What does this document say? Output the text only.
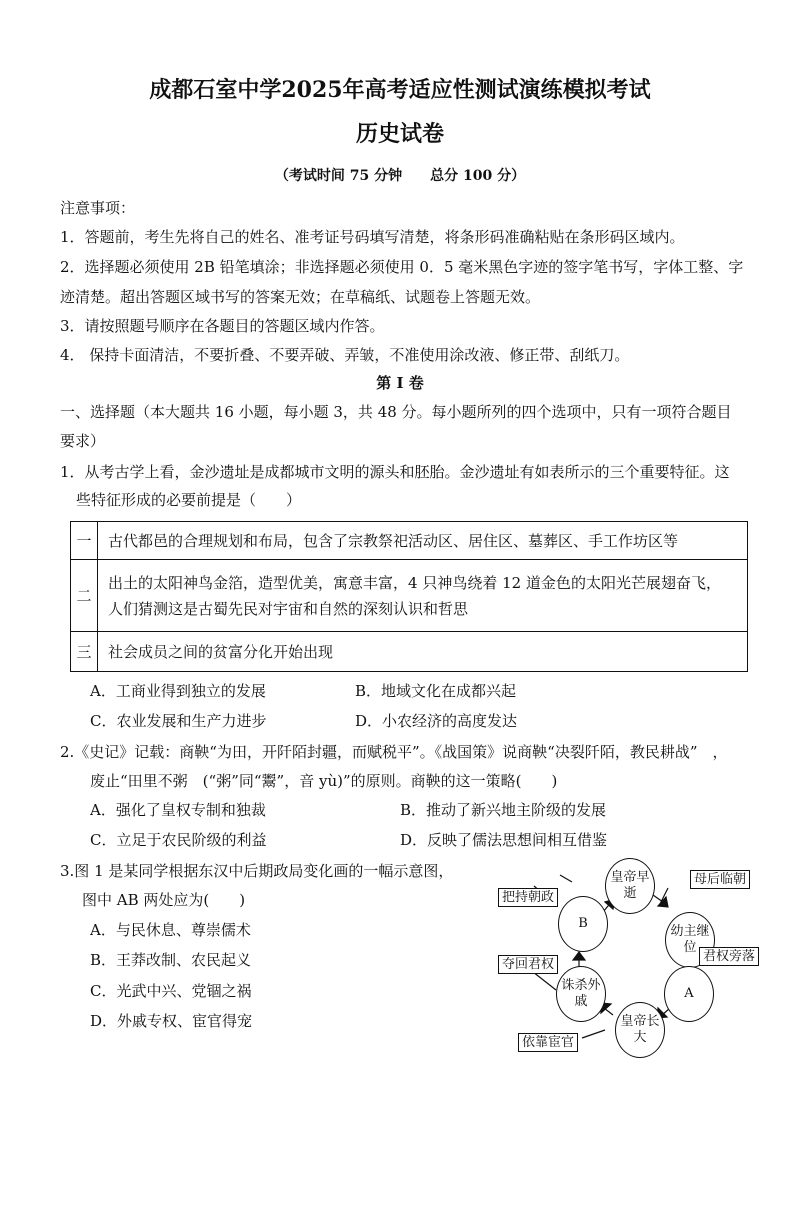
成都石室中学2025年高考适应性测试演练模拟考试
历史试卷
（考试时间 75 分钟　　总分 100 分）
注意事项：
1．答题前，考生先将自己的姓名、准考证号码填写清楚，将条形码准确粘贴在条形码区域内。
2．选择题必须使用 2B 铅笔填涂；非选择题必须使用 0．5 毫米黑色字迹的签字笔书写，字体工整、字
迹清楚。超出答题区域书写的答案无效；在草稿纸、试题卷上答题无效。
3．请按照题号顺序在各题目的答题区域内作答。
4． 保持卡面清洁，不要折叠、不要弄破、弄皱，不准使用涂改液、修正带、刮纸刀。
第 Ⅰ 卷
一、选择题（本大题共 16 小题，每小题 3，共 48 分。每小题所列的四个选项中，只有一项符合题目
要求）
1．从考古学上看，金沙遗址是成都城市文明的源头和胚胎。金沙遗址有如表所示的三个重要特征。这
些特征形成的必要前提是（　　）
一	古代都邑的合理规划和布局，包含了宗教祭祀活动区、居住区、墓葬区、手工作坊区等
二	出土的太阳神鸟金箔，造型优美，寓意丰富，4 只神鸟绕着 12 道金色的太阳光芒展翅奋飞，
人们猜测这是古蜀先民对宇宙和自然的深刻认识和哲思

三	社会成员之间的贫富分化开始出现
A．工商业得到独立的发展	B．地域文化在成都兴起
C．农业发展和生产力进步	D．小农经济的高度发达
2.《史记》记载：商鞅“为田，开阡陌封疆，而赋税平”。《战国策》说商鞅“决裂阡陌，教民耕战”　，
废止“田里不粥　(“粥”同“鬻”，音 yù)”的原则。商鞅的这一策略(　　)
A．强化了皇权专制和独裁	B．推动了新兴地主阶级的发展
C．立足于农民阶级的利益	D．反映了儒法思想间相互借鉴
3.图 1 是某同学根据东汉中后期政局变化画的一幅示意图，
图中 AB 两处应为(　　)
A．与民休息、尊崇儒术
B．王莽改制、农民起义
C．光武中兴、党锢之祸
D．外戚专权、宦官得宠
皇帝早逝
幼主继位
A
皇帝长大
诛杀外戚
B
母后临朝
君权旁落
依靠宦官
夺回君权
把持朝政
